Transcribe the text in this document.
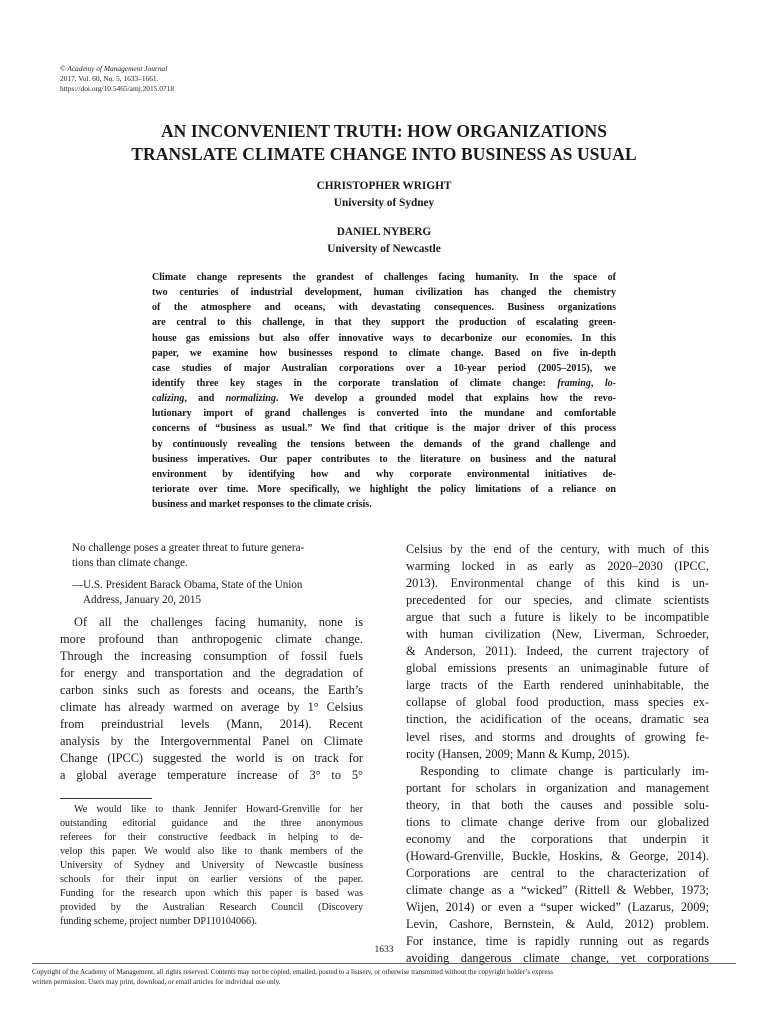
© Academy of Management Journal
2017, Vol. 60, No. 5, 1633–1661.
https://doi.org/10.5465/amj.2015.0718
AN INCONVENIENT TRUTH: HOW ORGANIZATIONS
TRANSLATE CLIMATE CHANGE INTO BUSINESS AS USUAL
CHRISTOPHER WRIGHT
University of Sydney
DANIEL NYBERG
University of Newcastle
Climate change represents the grandest of challenges facing humanity. In the space of
two centuries of industrial development, human civilization has changed the chemistry
of the atmosphere and oceans, with devastating consequences. Business organizations
are central to this challenge, in that they support the production of escalating green-
house gas emissions but also offer innovative ways to decarbonize our economies. In this
paper, we examine how businesses respond to climate change. Based on five in-depth
case studies of major Australian corporations over a 10-year period (2005–2015), we
identify three key stages in the corporate translation of climate change: framing, lo-
calizing, and normalizing. We develop a grounded model that explains how the revo-
lutionary import of grand challenges is converted into the mundane and comfortable
concerns of “business as usual.” We find that critique is the major driver of this process
by continuously revealing the tensions between the demands of the grand challenge and
business imperatives. Our paper contributes to the literature on business and the natural
environment by identifying how and why corporate environmental initiatives de-
teriorate over time. More specifically, we highlight the policy limitations of a reliance on
business and market responses to the climate crisis.
No challenge poses a greater threat to future genera-
tions than climate change.
—U.S. President Barack Obama, State of the Union
Address, January 20, 2015
Of all the challenges facing humanity, none is
more profound than anthropogenic climate change.
Through the increasing consumption of fossil fuels
for energy and transportation and the degradation of
carbon sinks such as forests and oceans, the Earth’s
climate has already warmed on average by 1° Celsius
from preindustrial levels (Mann, 2014). Recent
analysis by the Intergovernmental Panel on Climate
Change (IPCC) suggested the world is on track for
a global average temperature increase of 3° to 5°
We would like to thank Jennifer Howard-Grenville for her
outstanding editorial guidance and the three anonymous
referees for their constructive feedback in helping to de-
velop this paper. We would also like to thank members of the
University of Sydney and University of Newcastle business
schools for their input on earlier versions of the paper.
Funding for the research upon which this paper is based was
provided by the Australian Research Council (Discovery
funding scheme, project number DP110104066).
Celsius by the end of the century, with much of this
warming locked in as early as 2020–2030 (IPCC,
2013). Environmental change of this kind is un-
precedented for our species, and climate scientists
argue that such a future is likely to be incompatible
with human civilization (New, Liverman, Schroeder,
& Anderson, 2011). Indeed, the current trajectory of
global emissions presents an unimaginable future of
large tracts of the Earth rendered uninhabitable, the
collapse of global food production, mass species ex-
tinction, the acidification of the oceans, dramatic sea
level rises, and storms and droughts of growing fe-
rocity (Hansen, 2009; Mann & Kump, 2015).
Responding to climate change is particularly im-
portant for scholars in organization and management
theory, in that both the causes and possible solu-
tions to climate change derive from our globalized
economy and the corporations that underpin it
(Howard-Grenville, Buckle, Hoskins, & George, 2014).
Corporations are central to the characterization of
climate change as a “wicked” (Rittell & Webber, 1973;
Wijen, 2014) or even a “super wicked” (Lazarus, 2009;
Levin, Cashore, Bernstein, & Auld, 2012) problem.
For instance, time is rapidly running out as regards
avoiding dangerous climate change, yet corporations
1633
Copyright of the Academy of Management, all rights reserved. Contents may not be copied, emailed, posted to a listserv, or otherwise transmitted without the copyright holder’s express
written permission. Users may print, download, or email articles for individual use only.
